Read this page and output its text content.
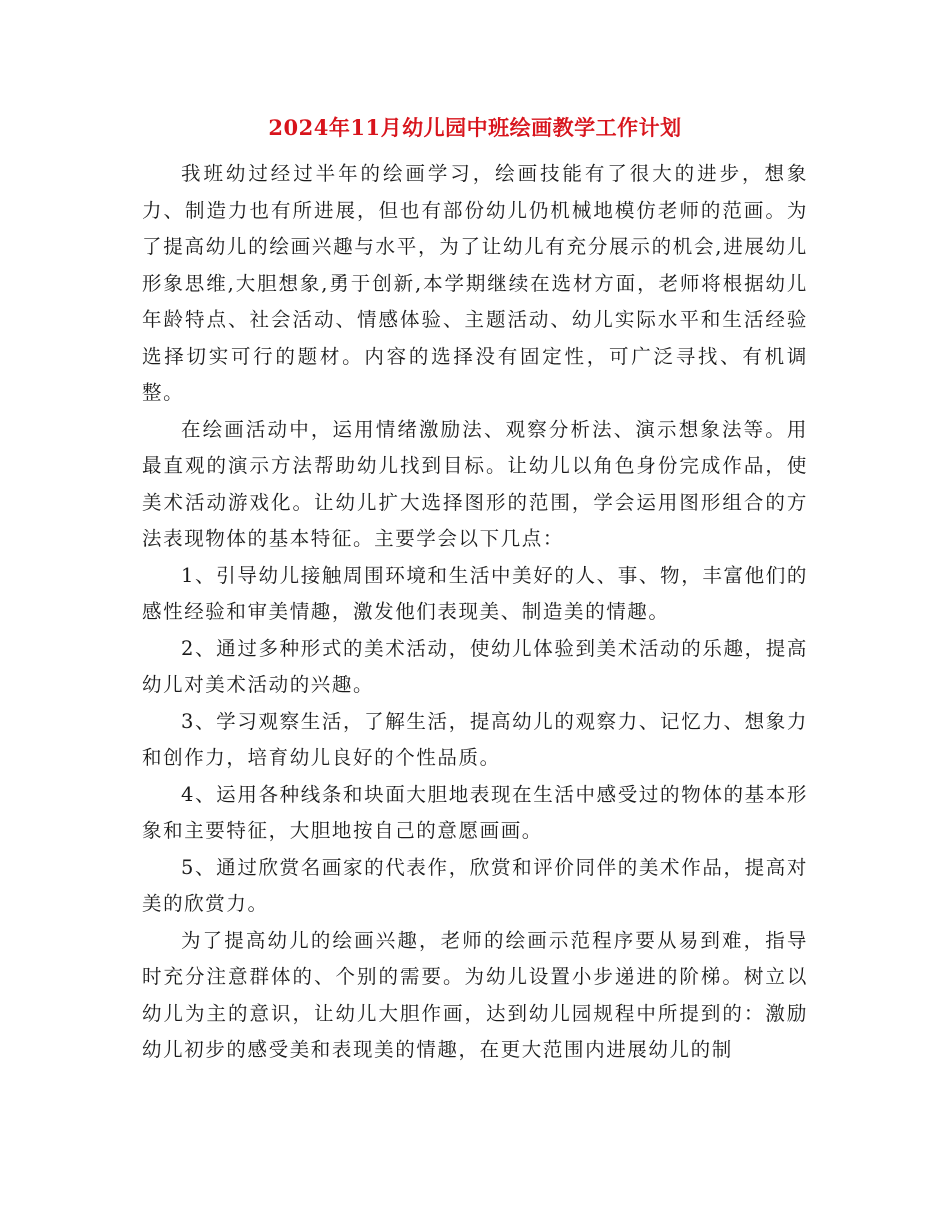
2024年11月幼儿园中班绘画教学工作计划

我班幼过经过半年的绘画学习，绘画技能有了很大的进步，想象力、制造力也有所进展，但也有部份幼儿仍机械地模仿老师的范画。为了提高幼儿的绘画兴趣与水平，为了让幼儿有充分展示的机会,进展幼儿形象思维,大胆想象,勇于创新,本学期继续在选材方面，老师将根据幼儿年龄特点、社会活动、情感体验、主题活动、幼儿实际水平和生活经验选择切实可行的题材。内容的选择没有固定性，可广泛寻找、有机调整。

在绘画活动中，运用情绪激励法、观察分析法、演示想象法等。用最直观的演示方法帮助幼儿找到目标。让幼儿以角色身份完成作品，使美术活动游戏化。让幼儿扩大选择图形的范围，学会运用图形组合的方法表现物体的基本特征。主要学会以下几点：

1、引导幼儿接触周围环境和生活中美好的人、事、物，丰富他们的感性经验和审美情趣，激发他们表现美、制造美的情趣。

2、通过多种形式的美术活动，使幼儿体验到美术活动的乐趣，提高 幼儿对美术活动的兴趣。

3、学习观察生活，了解生活，提高幼儿的观察力、记忆力、想象力和创作力，培育幼儿良好的个性品质。

4、运用各种线条和块面大胆地表现在生活中感受过的物体的基本形象和主要特征，大胆地按自己的意愿画画。

5、通过欣赏名画家的代表作，欣赏和评价同伴的美术作品，提高对美的欣赏力。

为了提高幼儿的绘画兴趣，老师的绘画示范程序要从易到难，指导时充分注意群体的、个别的需要。为幼儿设置小步递进的阶梯。树立以幼儿为主的意识，让幼儿大胆作画，达到幼儿园规程中所提到的：激励幼儿初步的感受美和表现美的情趣，在更大范围内进展幼儿的制
